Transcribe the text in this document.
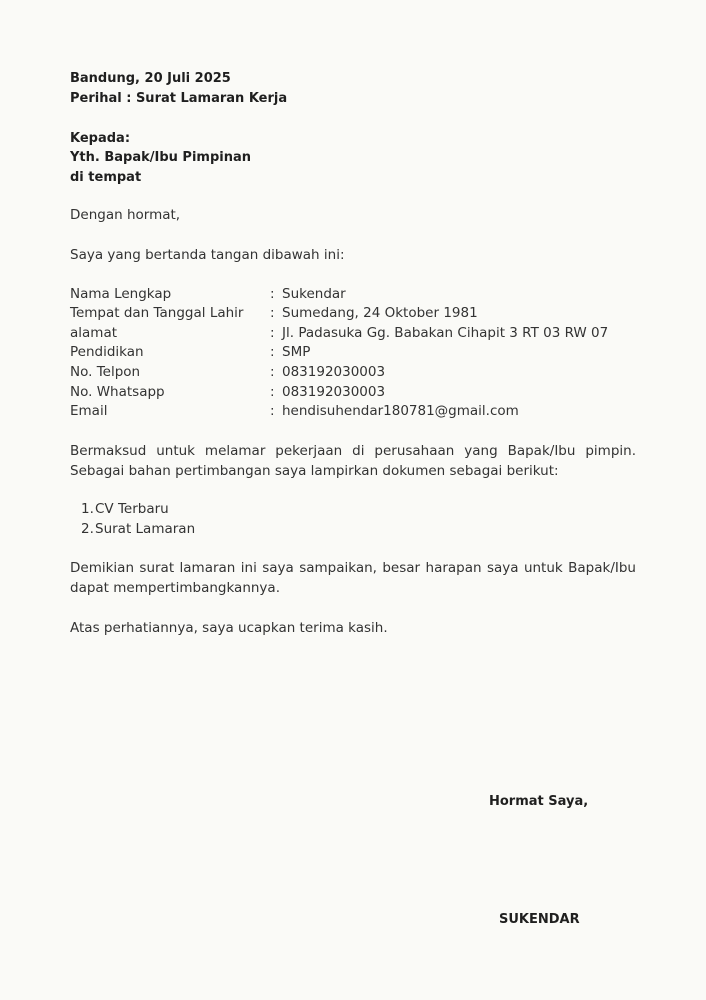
Bandung, 20 Juli 2025
Perihal : Surat Lamaran Kerja
Kepada:
Yth. Bapak/Ibu Pimpinan
di tempat
Dengan hormat,
Saya yang bertanda tangan dibawah ini:
Nama Lengkap	: Sukendar
Tempat dan Tanggal Lahir : Sumedang, 24 Oktober 1981
alamat	: Jl. Padasuka Gg. Babakan Cihapit 3 RT 03 RW 07
Pendidikan	: SMP
No. Telpon	: 083192030003
No. Whatsapp	: 083192030003
Email	: hendisuhendar180781@gmail.com
Bermaksud untuk melamar pekerjaan di perusahaan yang Bapak/Ibu pimpin.
Sebagai bahan pertimbangan saya lampirkan dokumen sebagai berikut:
1.CV Terbaru
2.Surat Lamaran
Demikian surat lamaran ini saya sampaikan, besar harapan saya untuk Bapak/Ibu
dapat mempertimbangkannya.
Atas perhatiannya, saya ucapkan terima kasih.
Hormat Saya,
SUKENDAR
